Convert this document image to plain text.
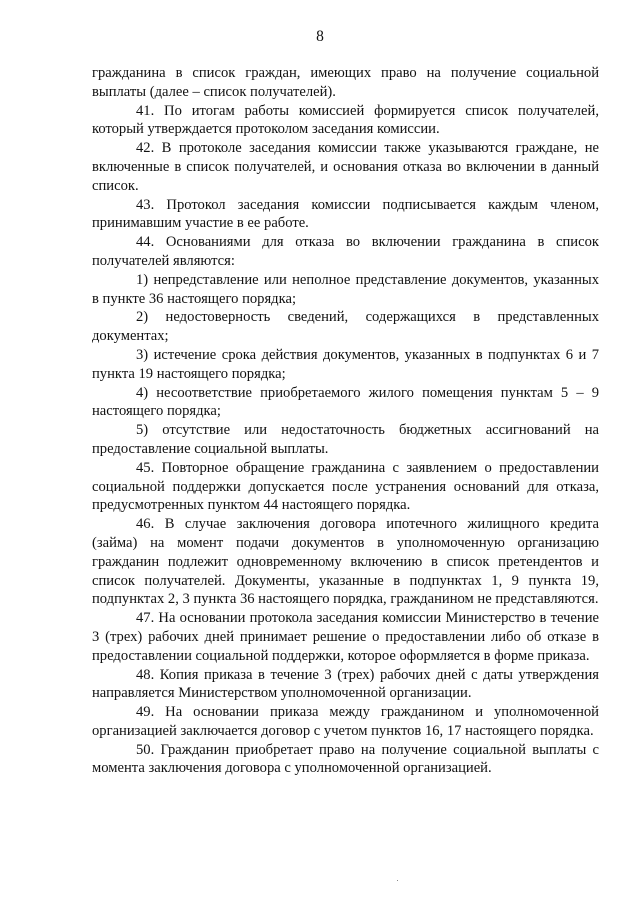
8

гражданина в список граждан, имеющих право на получение социальной выплаты (далее – список получателей).

41. По итогам работы комиссией формируется список получателей, который утверждается протоколом заседания комиссии.

42. В протоколе заседания комиссии также указываются граждане, не включенные в список получателей, и основания отказа во включении в данный список.

43. Протокол заседания комиссии подписывается каждым членом, принимавшим участие в ее работе.

44. Основаниями для отказа во включении гражданина в список получателей являются:

1) непредставление или неполное представление документов, указанных в пункте 36 настоящего порядка;

2) недостоверность сведений, содержащихся в представленных документах;

3) истечение срока действия документов, указанных в подпунктах 6 и 7 пункта 19 настоящего порядка;

4) несоответствие приобретаемого жилого помещения пунктам 5 – 9 настоящего порядка;

5) отсутствие или недостаточность бюджетных ассигнований на предоставление социальной выплаты.

45. Повторное обращение гражданина с заявлением о предоставлении социальной поддержки допускается после устранения оснований для отказа, предусмотренных пунктом 44 настоящего порядка.

46. В случае заключения договора ипотечного жилищного кредита (займа) на момент подачи документов в уполномоченную организацию гражданин подлежит одновременному включению в список претендентов и список получателей. Документы, указанные в подпунктах 1, 9 пункта 19, подпунктах 2, 3 пункта 36 настоящего порядка, гражданином не представляются.

47. На основании протокола заседания комиссии Министерство в течение 3 (трех) рабочих дней принимает решение о предоставлении либо об отказе в предоставлении социальной поддержки, которое оформляется в форме приказа.

48. Копия приказа в течение 3 (трех) рабочих дней с даты утверждения направляется Министерством уполномоченной организации.

49. На основании приказа между гражданином и уполномоченной организацией заключается договор с учетом пунктов 16, 17 настоящего порядка.

50. Гражданин приобретает право на получение социальной выплаты с момента заключения договора с уполномоченной организацией.
